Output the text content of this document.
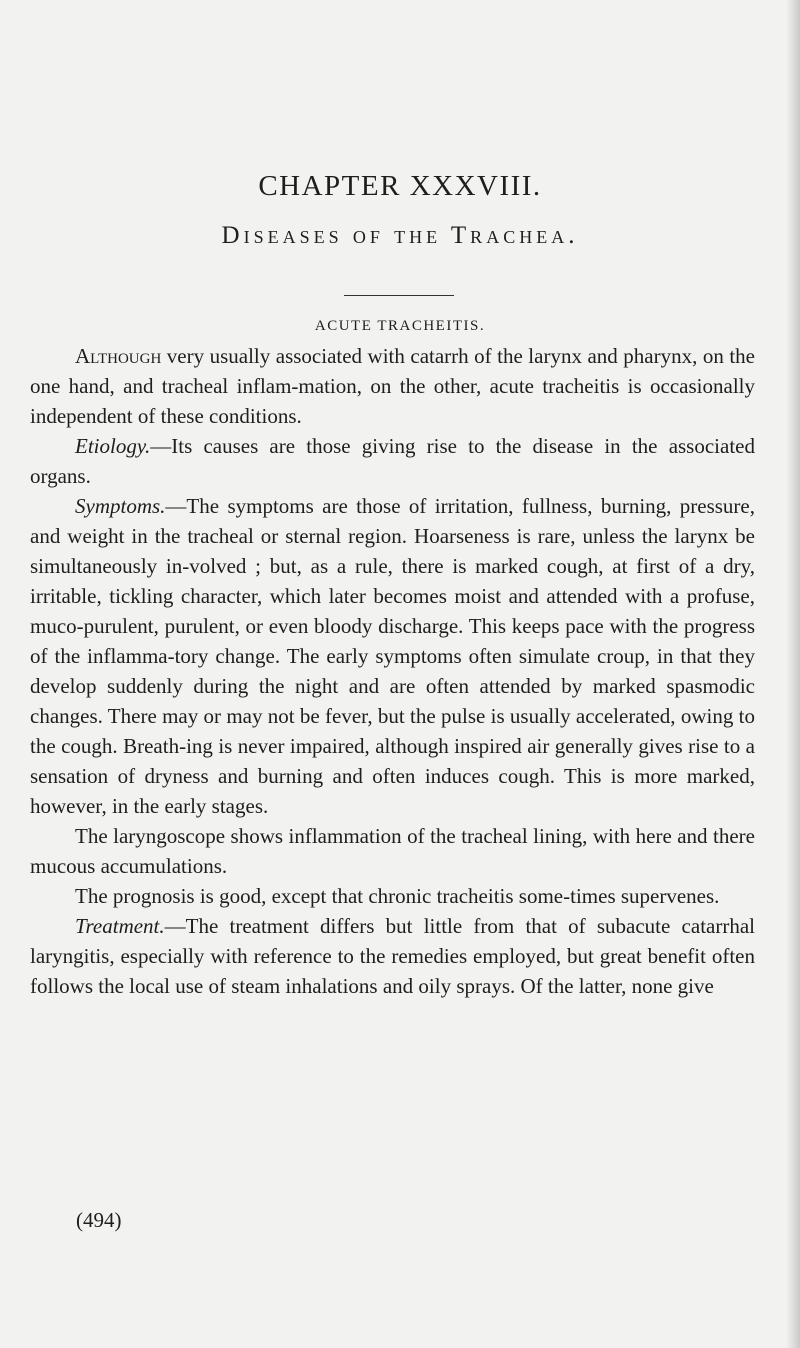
CHAPTER XXXVIII.
Diseases of the Trachea.
ACUTE TRACHEITIS.

Although very usually associated with catarrh of the larynx and pharynx, on the one hand, and tracheal inflam-mation, on the other, acute tracheitis is occasionally independent of these conditions.

Etiology.—Its causes are those giving rise to the disease in the associated organs.

Symptoms.—The symptoms are those of irritation, fullness, burning, pressure, and weight in the tracheal or sternal region. Hoarseness is rare, unless the larynx be simultaneously in-volved ; but, as a rule, there is marked cough, at first of a dry, irritable, tickling character, which later becomes moist and attended with a profuse, muco-purulent, purulent, or even bloody discharge. This keeps pace with the progress of the inflamma-tory change. The early symptoms often simulate croup, in that they develop suddenly during the night and are often attended by marked spasmodic changes. There may or may not be fever, but the pulse is usually accelerated, owing to the cough. Breath-ing is never impaired, although inspired air generally gives rise to a sensation of dryness and burning and often induces cough. This is more marked, however, in the early stages.

The laryngoscope shows inflammation of the tracheal lining, with here and there mucous accumulations.

The prognosis is good, except that chronic tracheitis some-times supervenes.

Treatment.—The treatment differs but little from that of subacute catarrhal laryngitis, especially with reference to the remedies employed, but great benefit often follows the local use of steam inhalations and oily sprays. Of the latter, none give

(494)
